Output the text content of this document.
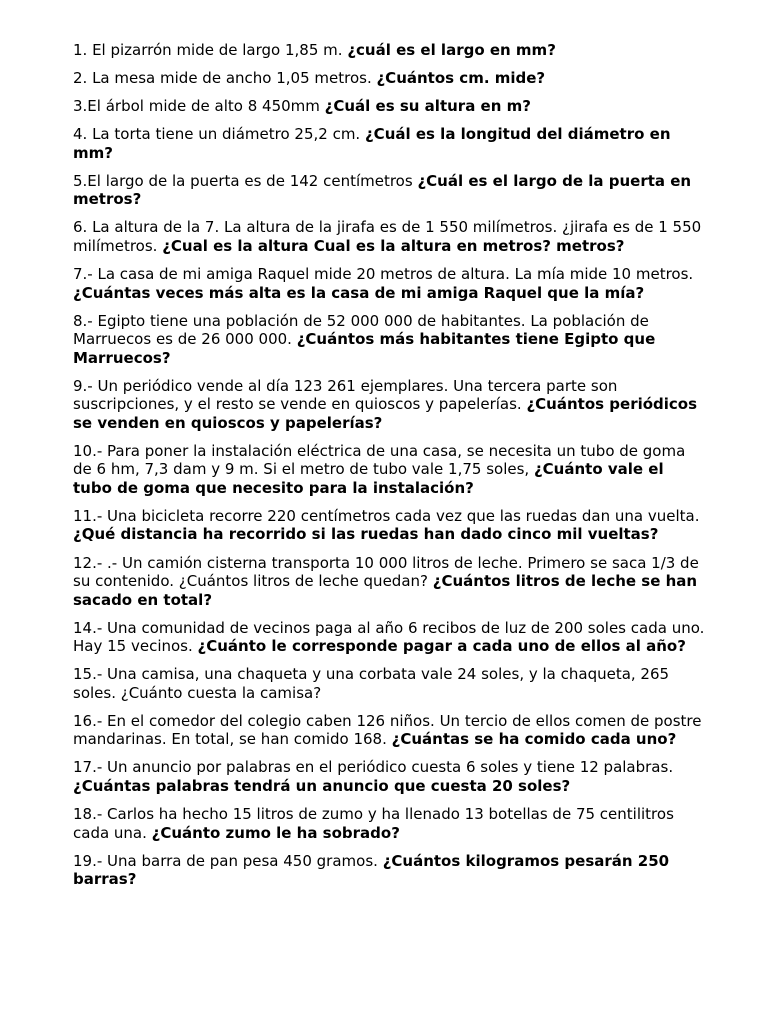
1. El pizarrón mide de largo 1,85 m. ¿cuál es el largo en mm?

2. La mesa mide de ancho 1,05 metros. ¿Cuántos cm. mide?

3.El árbol mide de alto 8 450mm ¿Cuál es su altura en m?

4. La torta tiene un diámetro 25,2 cm. ¿Cuál es la longitud del diámetro en mm?

5.El largo de la puerta es de 142 centímetros ¿Cuál es el largo de la puerta en metros?

6. La altura de la 7. La altura de la jirafa es de 1 550 milímetros. ¿jirafa es de 1 550 milímetros. ¿Cual es la altura Cual es la altura en metros? metros?

7.- La casa de mi amiga Raquel mide 20 metros de altura. La mía mide 10 metros. ¿Cuántas veces más alta es la casa de mi amiga Raquel que la mía?

8.- Egipto tiene una población de 52 000 000 de habitantes. La población de Marruecos es de 26 000 000. ¿Cuántos más habitantes tiene Egipto que Marruecos?

9.- Un periódico vende al día 123 261 ejemplares. Una tercera parte son suscripciones, y el resto se vende en quioscos y papelerías. ¿Cuántos periódicos se venden en quioscos y papelerías?

10.- Para poner la instalación eléctrica de una casa, se necesita un tubo de goma de 6 hm, 7,3 dam y 9 m. Si el metro de tubo vale 1,75 soles, ¿Cuánto vale el tubo de goma que necesito para la instalación?

11.- Una bicicleta recorre 220 centímetros cada vez que las ruedas dan una vuelta. ¿Qué distancia ha recorrido si las ruedas han dado cinco mil vueltas?

12.- .- Un camión cisterna transporta 10 000 litros de leche. Primero se saca 1/3 de su contenido. ¿Cuántos litros de leche quedan? ¿Cuántos litros de leche se han sacado en total?

14.- Una comunidad de vecinos paga al año 6 recibos de luz de 200 soles cada uno. Hay 15 vecinos. ¿Cuánto le corresponde pagar a cada uno de ellos al año?

15.- Una camisa, una chaqueta y una corbata vale 24 soles, y la chaqueta, 265 soles. ¿Cuánto cuesta la camisa?

16.- En el comedor del colegio caben 126 niños. Un tercio de ellos comen de postre mandarinas. En total, se han comido 168. ¿Cuántas se ha comido cada uno?

17.- Un anuncio por palabras en el periódico cuesta 6 soles y tiene 12 palabras. ¿Cuántas palabras tendrá un anuncio que cuesta 20 soles?

18.- Carlos ha hecho 15 litros de zumo y ha llenado 13 botellas de 75 centilitros cada una. ¿Cuánto zumo le ha sobrado?

19.- Una barra de pan pesa 450 gramos. ¿Cuántos kilogramos pesarán 250 barras?
